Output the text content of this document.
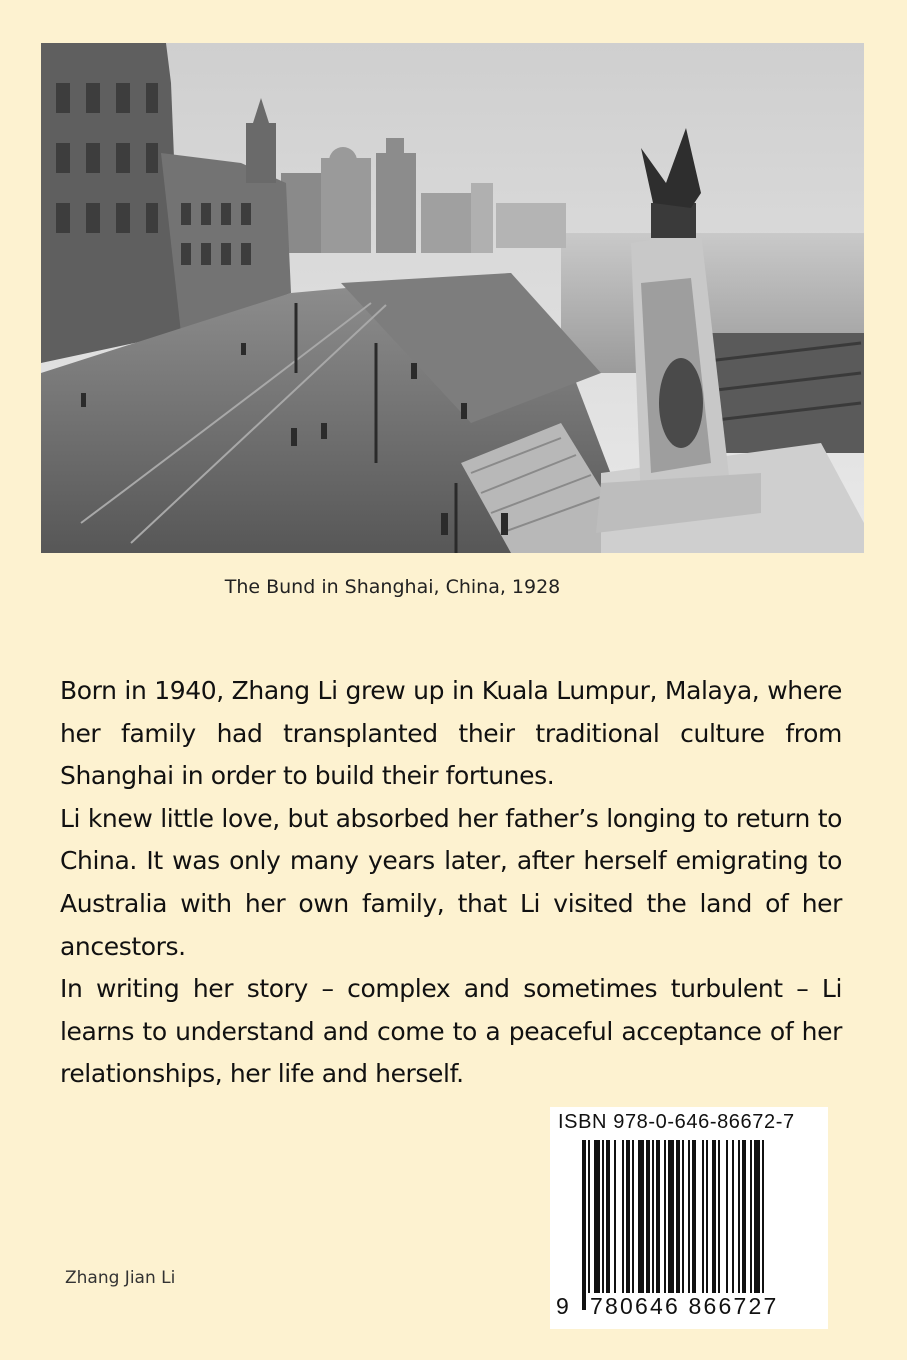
The Bund in Shanghai, China, 1928

Born in 1940, Zhang Li grew up in Kuala Lumpur, Malaya, where her family had transplanted their traditional culture from Shanghai in order to build their fortunes.

Li knew little love, but absorbed her father’s longing to return to China. It was only many years later, after herself emigrating to Australia with her own family, that Li visited the land of her ancestors.

In writing her story – complex and sometimes turbulent – Li learns to understand and come to a peaceful acceptance of her relationships, her life and herself.

ISBN 978-0-646-86672-7
9 780646 866727
Zhang Jian Li
